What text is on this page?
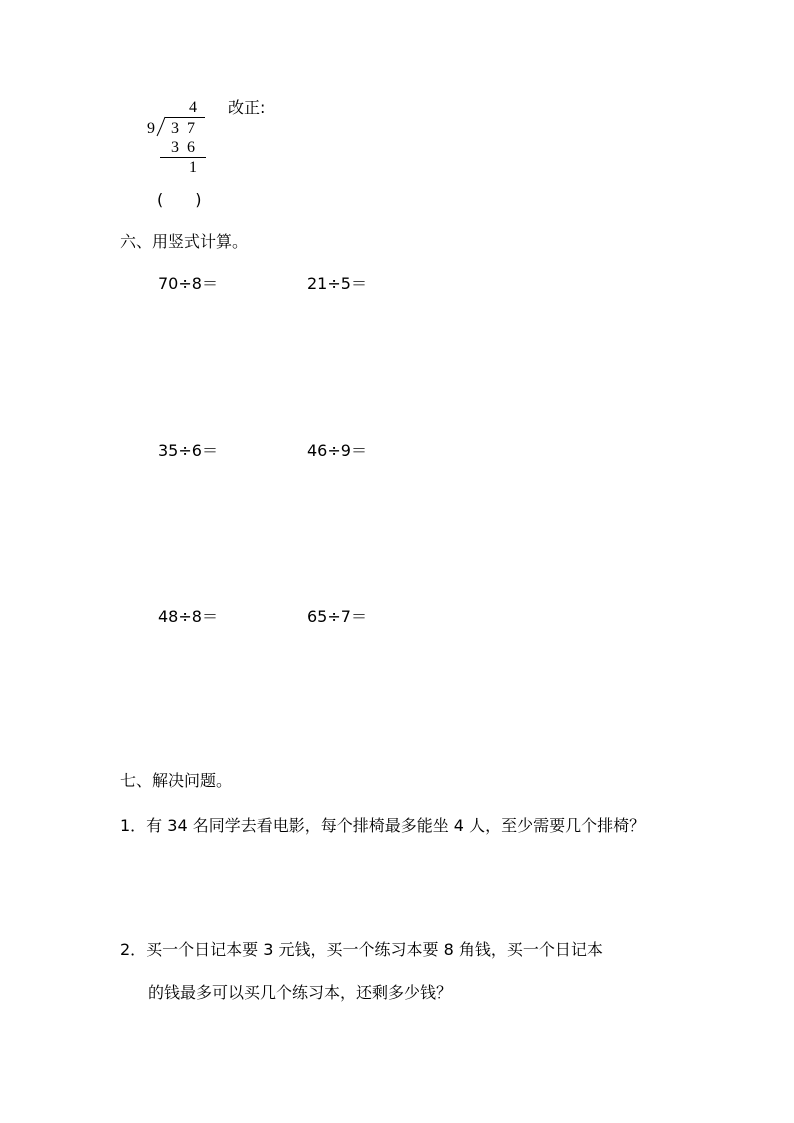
4
9 3 7
3 6
1
改正:
(　　)
六、用竖式计算。
70÷8＝	21÷5＝
35÷6＝	46÷9＝
48÷8＝	65÷7＝
七、解决问题。
1．有 34 名同学去看电影，每个排椅最多能坐 4 人，至少需要几个排椅？
2．买一个日记本要 3 元钱，买一个练习本要 8 角钱，买一个日记本
的钱最多可以买几个练习本，还剩多少钱？
